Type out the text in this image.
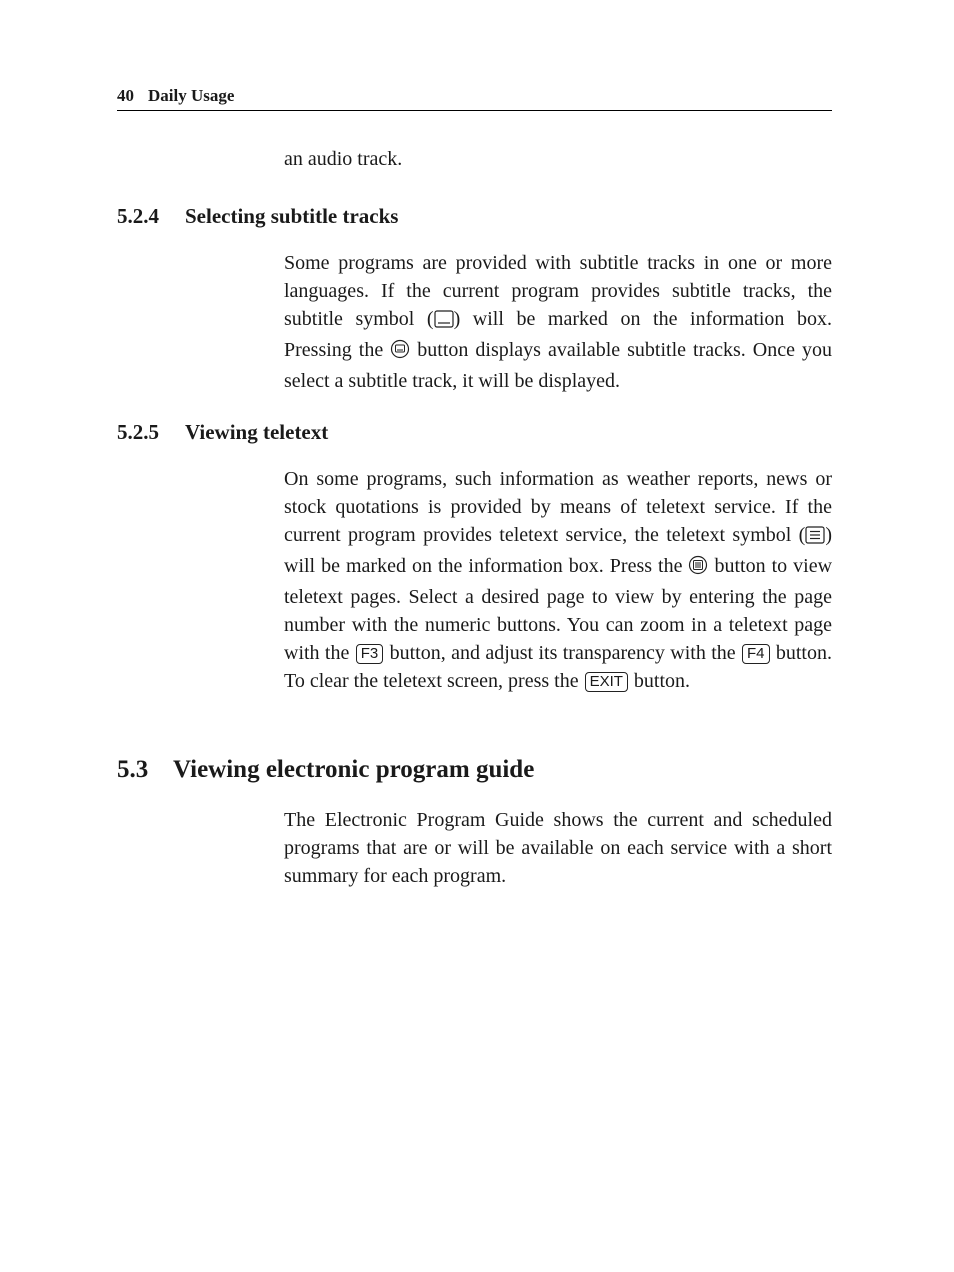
40 Daily Usage

an audio track.

5.2.4 Selecting subtitle tracks

Some programs are provided with subtitle tracks in one or more languages. If the current program provides subtitle tracks, the subtitle symbol ( ) will be marked on the information box. Pressing the  button displays available subtitle tracks. Once you select a subtitle track, it will be displayed.

5.2.5 Viewing teletext

On some programs, such information as weather reports, news or stock quotations is provided by means of teletext service. If the current program provides teletext service, the teletext symbol ( ) will be marked on the information box. Press the  button to view teletext pages. Select a desired page to view by entering the page number with the numeric buttons. You can zoom in a teletext page with the F3 button, and adjust its transparency with the F4 button. To clear the teletext screen, press the EXIT button.

5.3 Viewing electronic program guide

The Electronic Program Guide shows the current and scheduled programs that are or will be available on each service with a short summary for each program.
